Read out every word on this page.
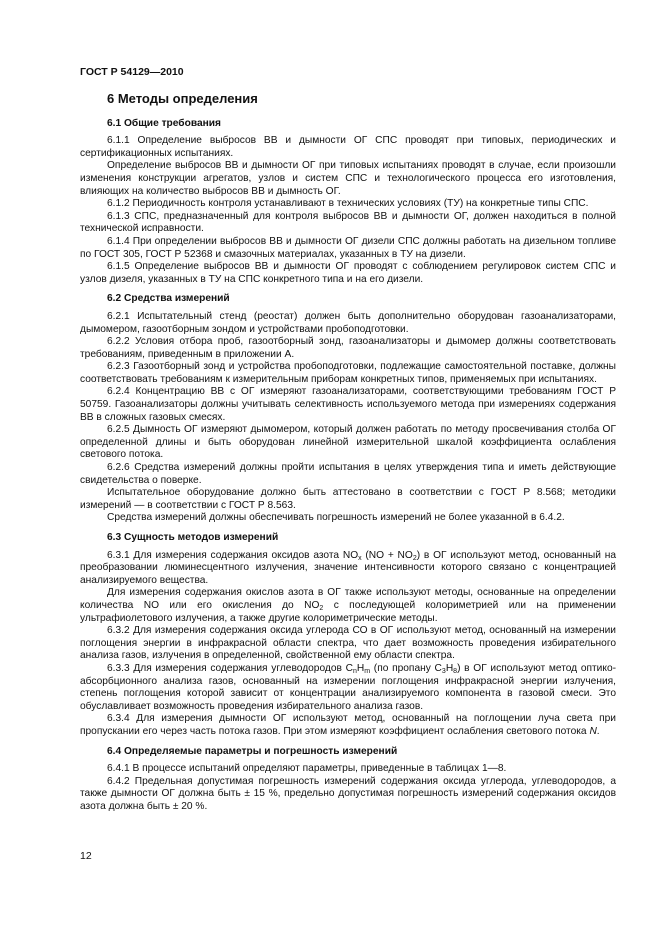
ГОСТ Р 54129—2010
6 Методы определения
6.1 Общие требования

6.1.1 Определение выбросов ВВ и дымности ОГ СПС проводят при типовых, периодических и сертификационных испытаниях.

Определение выбросов ВВ и дымности ОГ при типовых испытаниях проводят в случае, если произошли изменения конструкции агрегатов, узлов и систем СПС и технологического процесса его изготовления, влияющих на количество выбросов ВВ и дымность ОГ.

6.1.2 Периодичность контроля устанавливают в технических условиях (ТУ) на конкретные типы СПС.

6.1.3 СПС, предназначенный для контроля выбросов ВВ и дымности ОГ, должен находиться в полной технической исправности.

6.1.4 При определении выбросов ВВ и дымности ОГ дизели СПС должны работать на дизельном топливе по ГОСТ 305, ГОСТ Р 52368 и смазочных материалах, указанных в ТУ на дизели.

6.1.5 Определение выбросов ВВ и дымности ОГ проводят с соблюдением регулировок систем СПС и узлов дизеля, указанных в ТУ на СПС конкретного типа и на его дизели.

6.2 Средства измерений

6.2.1 Испытательный стенд (реостат) должен быть дополнительно оборудован газоанализаторами, дымомером, газоотборным зондом и устройствами пробоподготовки.

6.2.2 Условия отбора проб, газоотборный зонд, газоанализаторы и дымомер должны соответствовать требованиям, приведенным в приложении А.

6.2.3 Газоотборный зонд и устройства пробоподготовки, подлежащие самостоятельной поставке, должны соответствовать требованиям к измерительным приборам конкретных типов, применяемых при испытаниях.

6.2.4 Концентрацию ВВ с ОГ измеряют газоанализаторами, соответствующими требованиям ГОСТ Р 50759. Газоанализаторы должны учитывать селективность используемого метода при измерениях содержания ВВ в сложных газовых смесях.

6.2.5 Дымность ОГ измеряют дымомером, который должен работать по методу просвечивания столба ОГ определенной длины и быть оборудован линейной измерительной шкалой коэффициента ослабления светового потока.

6.2.6 Средства измерений должны пройти испытания в целях утверждения типа и иметь действующие свидетельства о поверке.

Испытательное оборудование должно быть аттестовано в соответствии с ГОСТ Р 8.568; методики измерений — в соответствии с ГОСТ Р 8.563.

Средства измерений должны обеспечивать погрешность измерений не более указанной в 6.4.2.

6.3 Сущность методов измерений

6.3.1 Для измерения содержания оксидов азота $NO_x$ $(NO + NO_2)$ в ОГ используют метод, основанный на преобразовании люминесцентного излучения, значение интенсивности которого связано с концентрацией анализируемого вещества.

Для измерения содержания окислов азота в ОГ также используют методы, основанные на определении количества NO или его окисления до $NO_2$ с последующей колориметрией или на применении ультрафиолетового излучения, а также другие колориметрические методы.

6.3.2 Для измерения содержания оксида углерода СО в ОГ используют метод, основанный на измерении поглощения энергии в инфракрасной области спектра, что дает возможность проведения избирательного анализа газов, излучения в определенной, свойственной ему области спектра.

6.3.3 Для измерения содержания углеводородов $С_nН_m$ (по пропану $С_3Н_8$) в ОГ используют метод оптико-абсорбционного анализа газов, основанный на измерении поглощения инфракрасной энергии излучения, степень поглощения которой зависит от концентрации анализируемого компонента в газовой смеси. Это обуславливает возможность проведения избирательного анализа газов.

6.3.4 Для измерения дымности ОГ используют метод, основанный на поглощении луча света при пропускании его через часть потока газов. При этом измеряют коэффициент ослабления светового потока N.

6.4 Определяемые параметры и погрешность измерений

6.4.1 В процессе испытаний определяют параметры, приведенные в таблицах 1—8.

6.4.2 Предельная допустимая погрешность измерений содержания оксида углерода, углеводородов, а также дымности ОГ должна быть ± 15 %, предельно допустимая погрешность измерений содержания оксидов азота должна быть ± 20 %.

12
